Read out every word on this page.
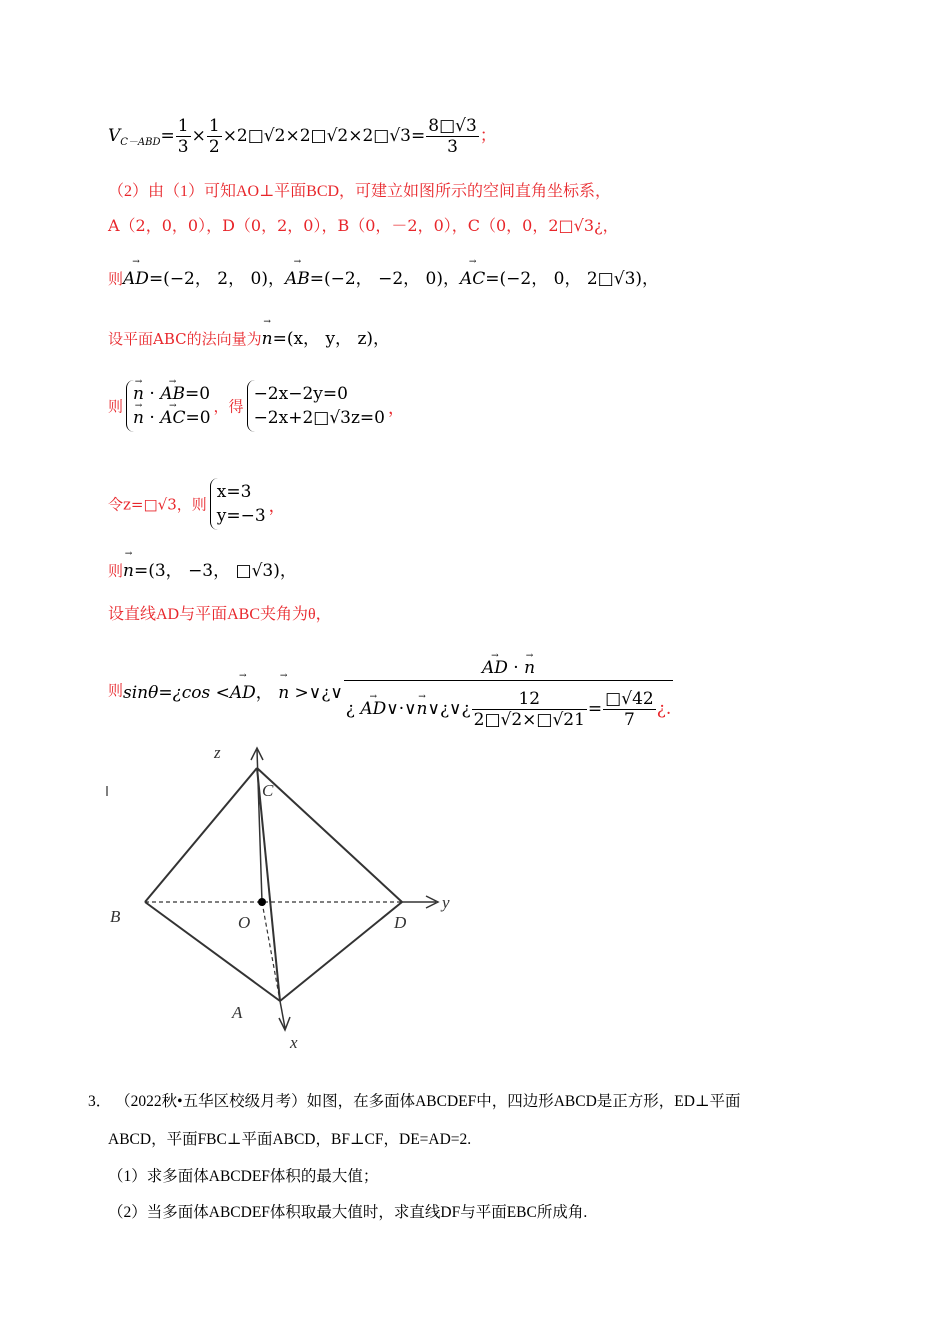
$V_{C-ABD}= \frac{1}{3} \times \frac{1}{2}$ ×2□√2×2□√2×2□√3= $\frac{8□√3}{3}$ ；
（2）由（1）可知AO⊥平面BCD，可建立如图所示的空间直角坐标系，
A（2，0，0），D（0，2，0），B（0，－2，0），C（0，0，2□√3¿，
则→ AD=(−2， 2， 0)，→ AB=(−2， −2， 0)，→ AC=(−2， 0， 2□√3)，
设平面ABC的法向量为→ n=(x， y， z)，
则
→ n · → AB=0
→ n · → AC=0
，得
−2x−2y=0
−2x+2□√3z=0 ，
令z=□√3，则
x=3
y=−3 ，
则→ n=(3， −3， □√3)，
设直线AD与平面ABC夹角为θ，
则sinθ=¿cos <→ AD， → n >∨¿∨
→ $\frac{AD \cdot \to n}{¿ \to AD\vee\cdot\vee\to n\vee¿\vee¿ \frac{12}{2□√2\times□√21} = \frac{□√42}{7} ¿.}$
z
C
B	O	D
y
A
x
3． （2022秋•五华区校级月考）如图，在多面体ABCDEF中，四边形ABCD是正方形，ED⊥平面
ABCD，平面FBC⊥平面ABCD，BF⊥CF，DE=AD=2.
（1）求多面体ABCDEF体积的最大值；
（2）当多面体ABCDEF体积取最大值时，求直线DF与平面EBC所成角.
